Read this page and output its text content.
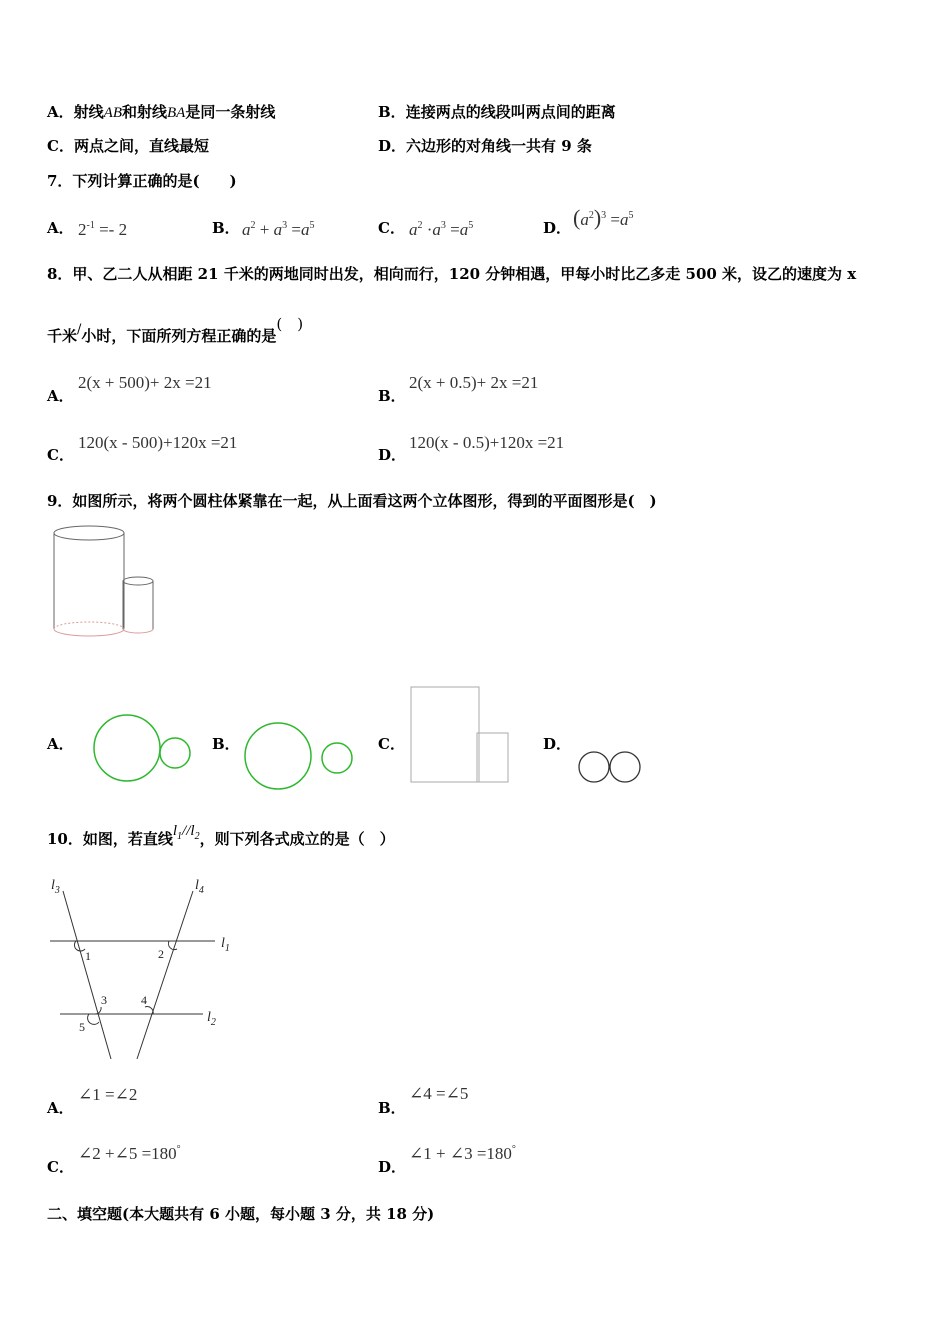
A．射线AB和射线BA是同一条射线	B．连接两点的线段叫两点间的距离
C．两点之间，直线最短	D．六边形的对角线一共有 9 条
7．下列计算正确的是(　　)
A． $2^{-1} =- 2$	B． $a^2 + a^3 =a^5$	C． $a^2 \cdot a^3 =a^5$	D． $(a^2)^3 =a^5$
8．甲、乙二人从相距 21 千米的两地同时出发，相向而行，120 分钟相遇，甲每小时比乙多走 500 米，设乙的速度为 x
千米/小时，下面所列方程正确的是(　)
A．
2(x + 500)+ 2x =21
B．
2(x + 0.5)+ 2x =21
C．
120(x - 500)+120x =21
D．
120(x - 0.5)+120x =21
9．如图所示，将两个圆柱体紧靠在一起，从上面看这两个立体图形，得到的平面图形是(　)
A．	B．	C．	D．
10．如图，若直线$l_1//l_2$，则下列各式成立的是（　）
$l_3$	$l_4$
$l_1$
$l_2$
1	2
3	4
5
A．
∠1 =∠2
B．
∠4 =∠5
C．
∠2 +∠5 =180°
D．
∠1 + ∠3 =180°
二、填空题(本大题共有 6 小题，每小题 3 分，共 18 分)
